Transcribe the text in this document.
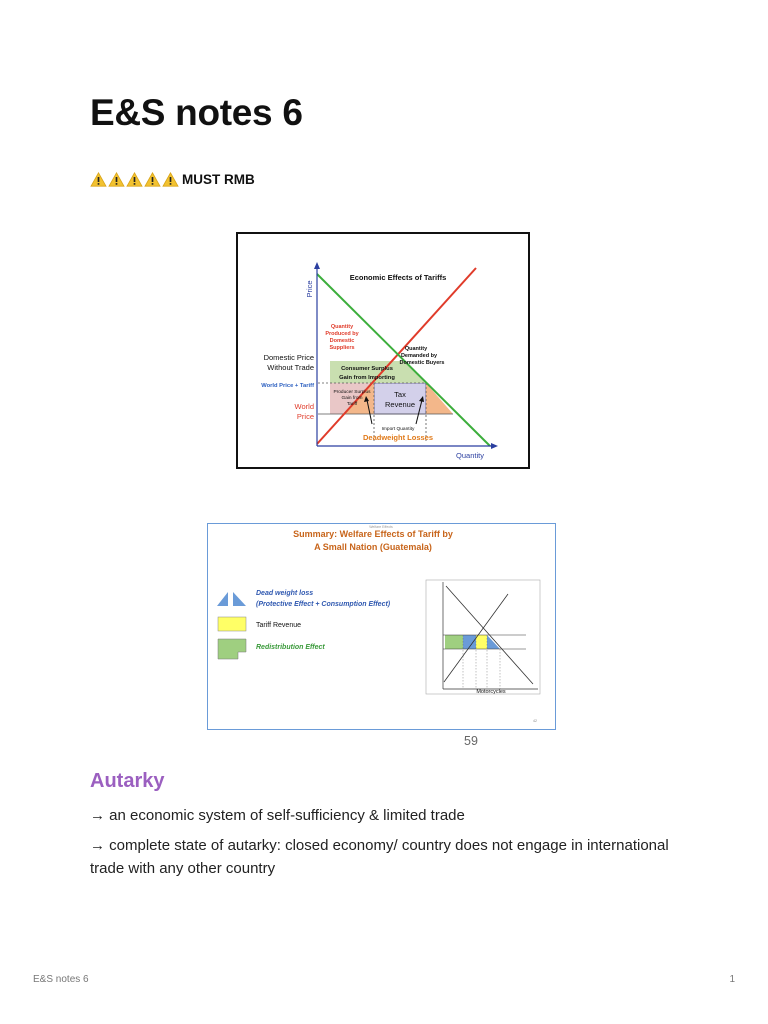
E&S notes 6
MUST RMB
Economic Effects of Tariffs
Price
Quantity
Domestic Price
Without Trade
World Price + Tariff
World
Price
Quantity
Produced by
Domestic
Suppliers	Quantity
Demanded by
Domestic Buyers
Consumer Surplus
Gain from Importing
Producer Surplus
Gain from
Tariff
Tax
Revenue
Import Quantity
Deadweight Losses
Welfare Effects
Summary: Welfare Effects of Tariff by
A Small Nation (Guatemala)
Dead weight loss
(Protective Effect + Consumption Effect)
Tariff Revenue
Redistribution Effect
Motorcycles
42
59
Autarky

→ an economic system of self-sufficiency & limited trade

→ complete state of autarky: closed economy/ country does not engage in international trade with any other country

E&S notes 6	1
